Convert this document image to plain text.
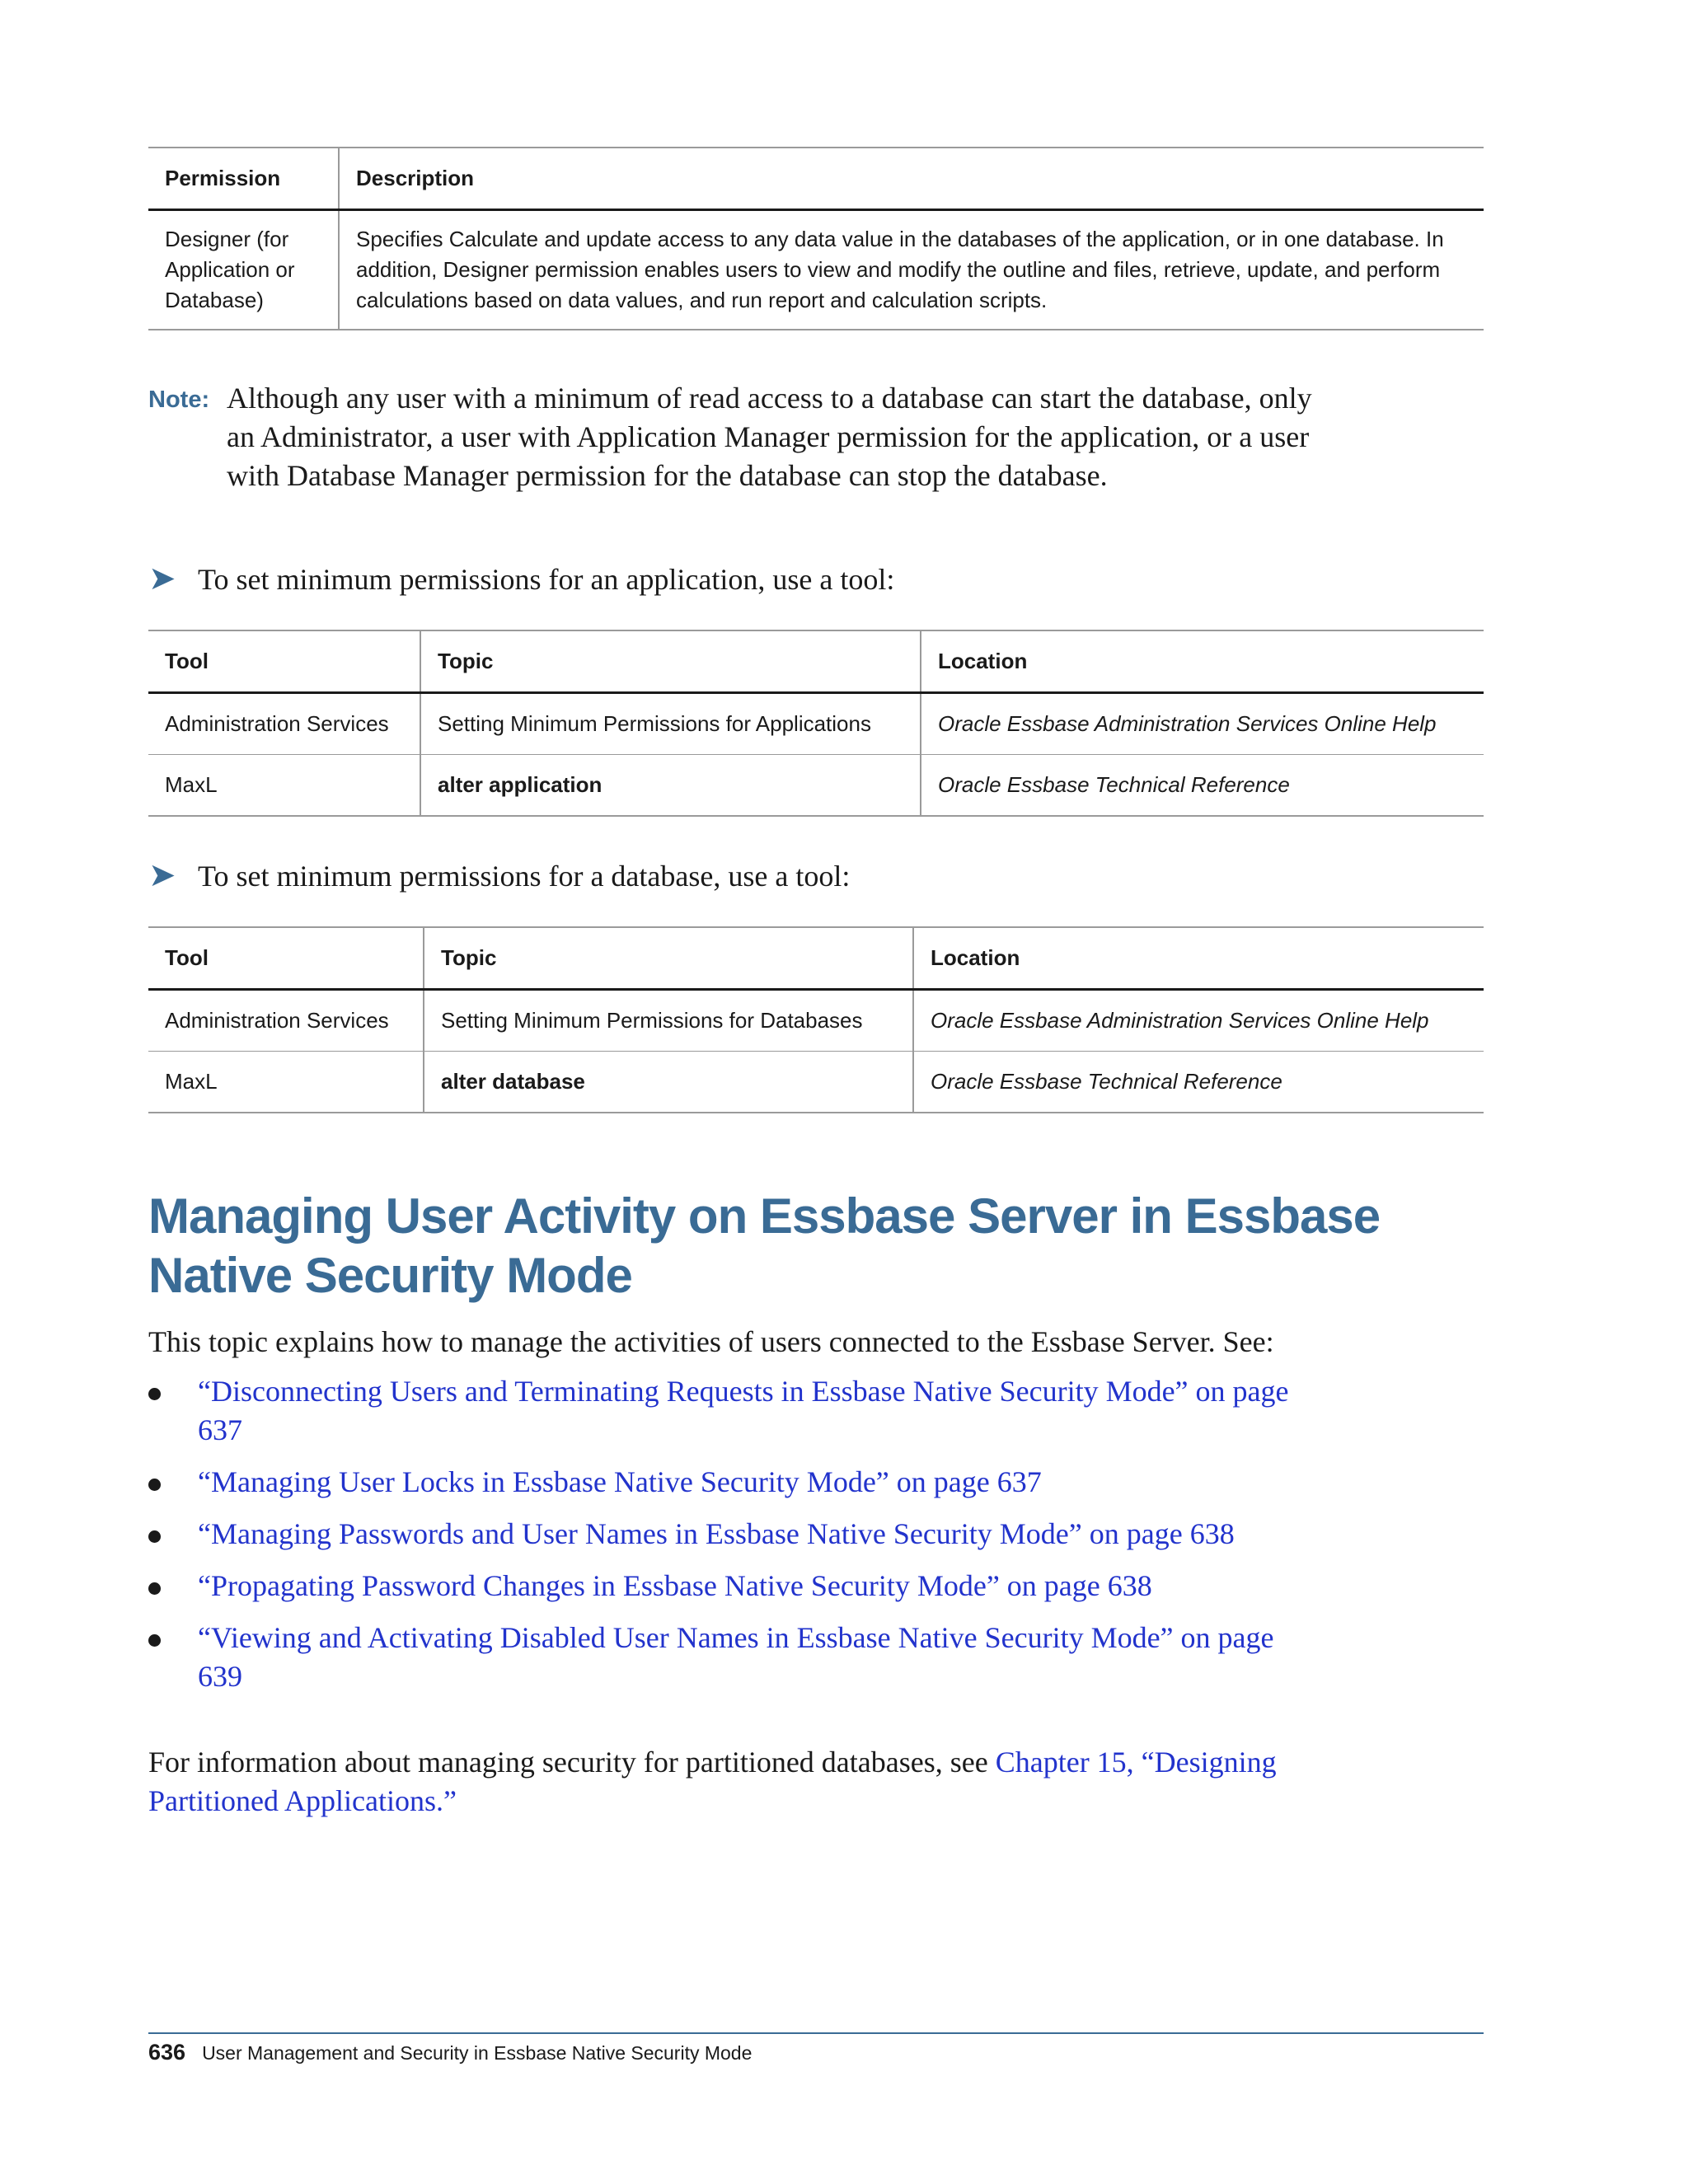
Permission	Description
Designer (for Application or Database)	Specifies Calculate and update access to any data value in the databases of the application, or in one database. In addition, Designer permission enables users to view and modify the outline and files, retrieve, update, and perform calculations based on data values, and run report and calculation scripts.
Note: Although any user with a minimum of read access to a database can start the database, only an Administrator, a user with Application Manager permission for the application, or a user with Database Manager permission for the database can stop the database.
➤ To set minimum permissions for an application, use a tool:
Tool	Topic	Location
Administration Services	Setting Minimum Permissions for Applications	Oracle Essbase Administration Services Online Help
MaxL	alter application	Oracle Essbase Technical Reference
➤ To set minimum permissions for a database, use a tool:
Tool	Topic	Location
Administration Services	Setting Minimum Permissions for Databases	Oracle Essbase Administration Services Online Help
MaxL	alter database	Oracle Essbase Technical Reference
Managing User Activity on Essbase Server in Essbase
Native Security Mode
This topic explains how to manage the activities of users connected to the Essbase Server. See:
“Disconnecting Users and Terminating Requests in Essbase Native Security Mode” on page 637
“Managing User Locks in Essbase Native Security Mode” on page 637
“Managing Passwords and User Names in Essbase Native Security Mode” on page 638
“Propagating Password Changes in Essbase Native Security Mode” on page 638
“Viewing and Activating Disabled User Names in Essbase Native Security Mode” on page 639
For information about managing security for partitioned databases, see Chapter 15, “Designing Partitioned Applications.”
636 User Management and Security in Essbase Native Security Mode
